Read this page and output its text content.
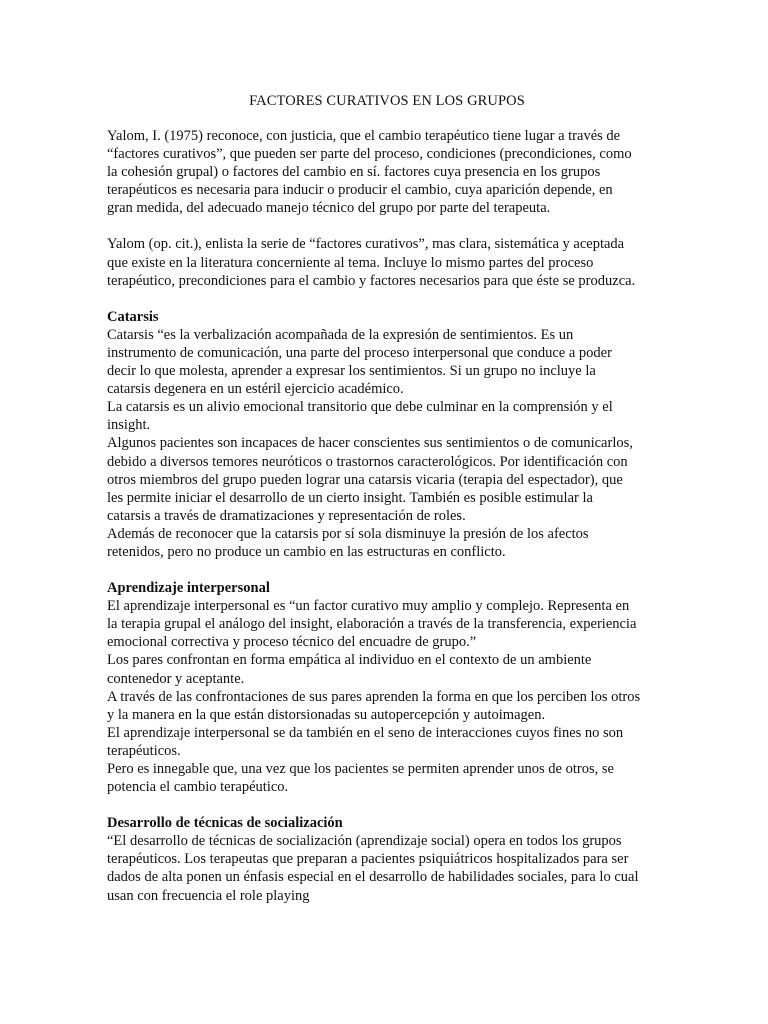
FACTORES CURATIVOS EN LOS GRUPOS
Yalom, I. (1975) reconoce, con justicia, que el cambio terapéutico tiene lugar a través de
“factores curativos”, que pueden ser parte del proceso, condiciones (precondiciones, como
la cohesión grupal) o factores del cambio en sí. factores cuya presencia en los grupos
terapéuticos es necesaria para inducir o producir el cambio, cuya aparición depende, en
gran medida, del adecuado manejo técnico del grupo por parte del terapeuta.
Yalom (op. cit.), enlista la serie de “factores curativos”, mas clara, sistemática y aceptada
que existe en la literatura concerniente al tema. Incluye lo mismo partes del proceso
terapéutico, precondiciones para el cambio y factores necesarios para que éste se produzca.
Catarsis
Catarsis “es la verbalización acompañada de la expresión de sentimientos. Es un
instrumento de comunicación, una parte del proceso interpersonal que conduce a poder
decir lo que molesta, aprender a expresar los sentimientos. Si un grupo no incluye la
catarsis degenera en un estéril ejercicio académico.
La catarsis es un alivio emocional transitorio que debe culminar en la comprensión y el
insight.
Algunos pacientes son incapaces de hacer conscientes sus sentimientos o de comunicarlos,
debido a diversos temores neuróticos o trastornos caracterológicos. Por identificación con
otros miembros del grupo pueden lograr una catarsis vicaria (terapia del espectador), que
les permite iniciar el desarrollo de un cierto insight. También es posible estimular la
catarsis a través de dramatizaciones y representación de roles.
Además de reconocer que la catarsis por sí sola disminuye la presión de los afectos
retenidos, pero no produce un cambio en las estructuras en conflicto.
Aprendizaje interpersonal
El aprendizaje interpersonal es “un factor curativo muy amplio y complejo. Representa en
la terapia grupal el análogo del insight, elaboración a través de la transferencia, experiencia
emocional correctiva y proceso técnico del encuadre de grupo.”
Los pares confrontan en forma empática al individuo en el contexto de un ambiente
contenedor y aceptante.
A través de las confrontaciones de sus pares aprenden la forma en que los perciben los otros
y la manera en la que están distorsionadas su autopercepción y autoimagen.
El aprendizaje interpersonal se da también en el seno de interacciones cuyos fines no son
terapéuticos.
Pero es innegable que, una vez que los pacientes se permiten aprender unos de otros, se
potencia el cambio terapéutico.
Desarrollo de técnicas de socialización
“El desarrollo de técnicas de socialización (aprendizaje social) opera en todos los grupos
terapéuticos. Los terapeutas que preparan a pacientes psiquiátricos hospitalizados para ser
dados de alta ponen un énfasis especial en el desarrollo de habilidades sociales, para lo cual
usan con frecuencia el role playing
